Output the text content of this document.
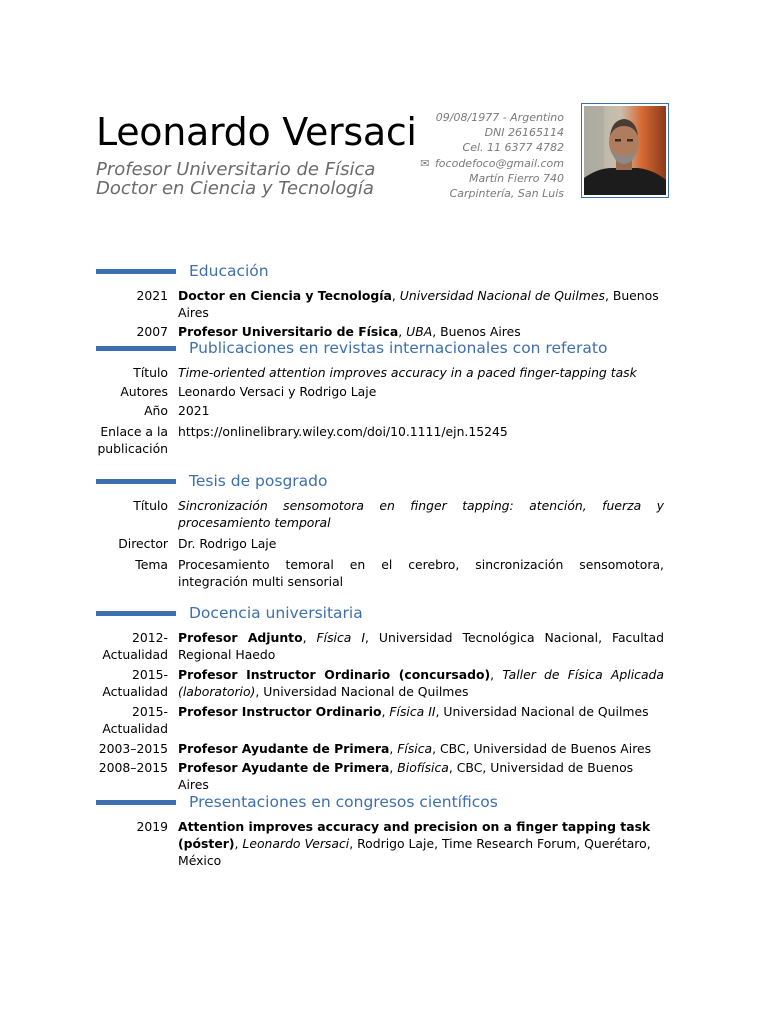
Leonardo Versaci
Profesor Universitario de Física Doctor en Ciencia y Tecnología
09/08/1977 - Argentino
DNI 26165114
Cel. 11 6377 4782
✉ focodefoco@gmail.com
Martín Fierro 740
Carpintería, San Luis
Educación
2021 Doctor en Ciencia y Tecnología, Universidad Nacional de Quilmes, Buenos Aires
2007 Profesor Universitario de Física, UBA, Buenos Aires
Publicaciones en revistas internacionales con referato
Título Time-oriented attention improves accuracy in a paced finger-tapping task
Autores Leonardo Versaci y Rodrigo Laje
Año 2021
Enlace a la
publicación
https://onlinelibrary.wiley.com/doi/10.1111/ejn.15245
Tesis de posgrado
Título Sincronización sensomotora en finger tapping: atención, fuerza y procesamiento temporal
Director Dr. Rodrigo Laje
Tema Procesamiento temoral en el cerebro, sincronización sensomotora, integración multi sensorial
Docencia universitaria
2012-
Actualidad
Profesor Adjunto, Física I, Universidad Tecnológica Nacional, Facultad Regional Haedo
2015-
Actualidad
Profesor Instructor Ordinario (concursado), Taller de Física Aplicada (laboratorio), Universidad Nacional de Quilmes
2015-
Actualidad
Profesor Instructor Ordinario, Física II, Universidad Nacional de Quilmes
2003–2015 Profesor Ayudante de Primera, Física, CBC, Universidad de Buenos Aires
2008–2015 Profesor Ayudante de Primera, Biofísica, CBC, Universidad de Buenos Aires
Presentaciones en congresos científicos
2019 Attention improves accuracy and precision on a finger tapping task (póster), Leonardo Versaci, Rodrigo Laje, Time Research Forum, Querétaro, México
